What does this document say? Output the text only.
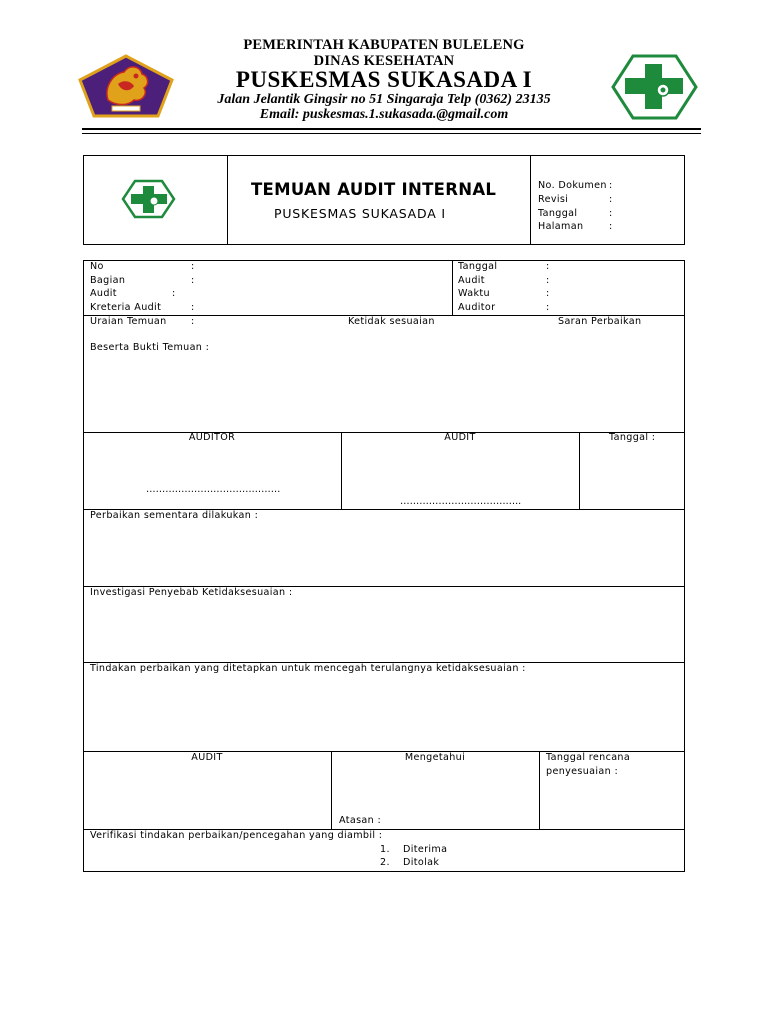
PEMERINTAH KABUPATEN BULELENG
DINAS KESEHATAN
PUSKESMAS SUKASADA I
Jalan Jelantik Gingsir no 51 Singaraja Telp (0362) 23135
Email: puskesmas.1.sukasada.@gmail.com
TEMUAN AUDIT INTERNAL
PUSKESMAS SUKASADA I
No. Dokumen :
Revisi	:
Tanggal	:
Halaman	:
No	:
Bagian	:
Audit	:
Kreteria Audit	:
Tanggal	:
Audit	:
Waktu	:
Auditor	:
Uraian Temuan	:	Ketidak sesuaian	Saran Perbaikan
Beserta Bukti Temuan :
AUDITOR	AUDIT	Tanggal :
……………………………………
………………………………..
Perbaikan sementara dilakukan :
Investigasi Penyebab Ketidaksesuaian :
Tindakan perbaikan yang ditetapkan untuk mencegah terulangnya ketidaksesuaian :
AUDIT	Mengetahui
Atasan :
Tanggal rencana
penyesuaian :
Verifikasi tindakan perbaikan/pencegahan yang diambil :
1. Diterima
2. Ditolak
